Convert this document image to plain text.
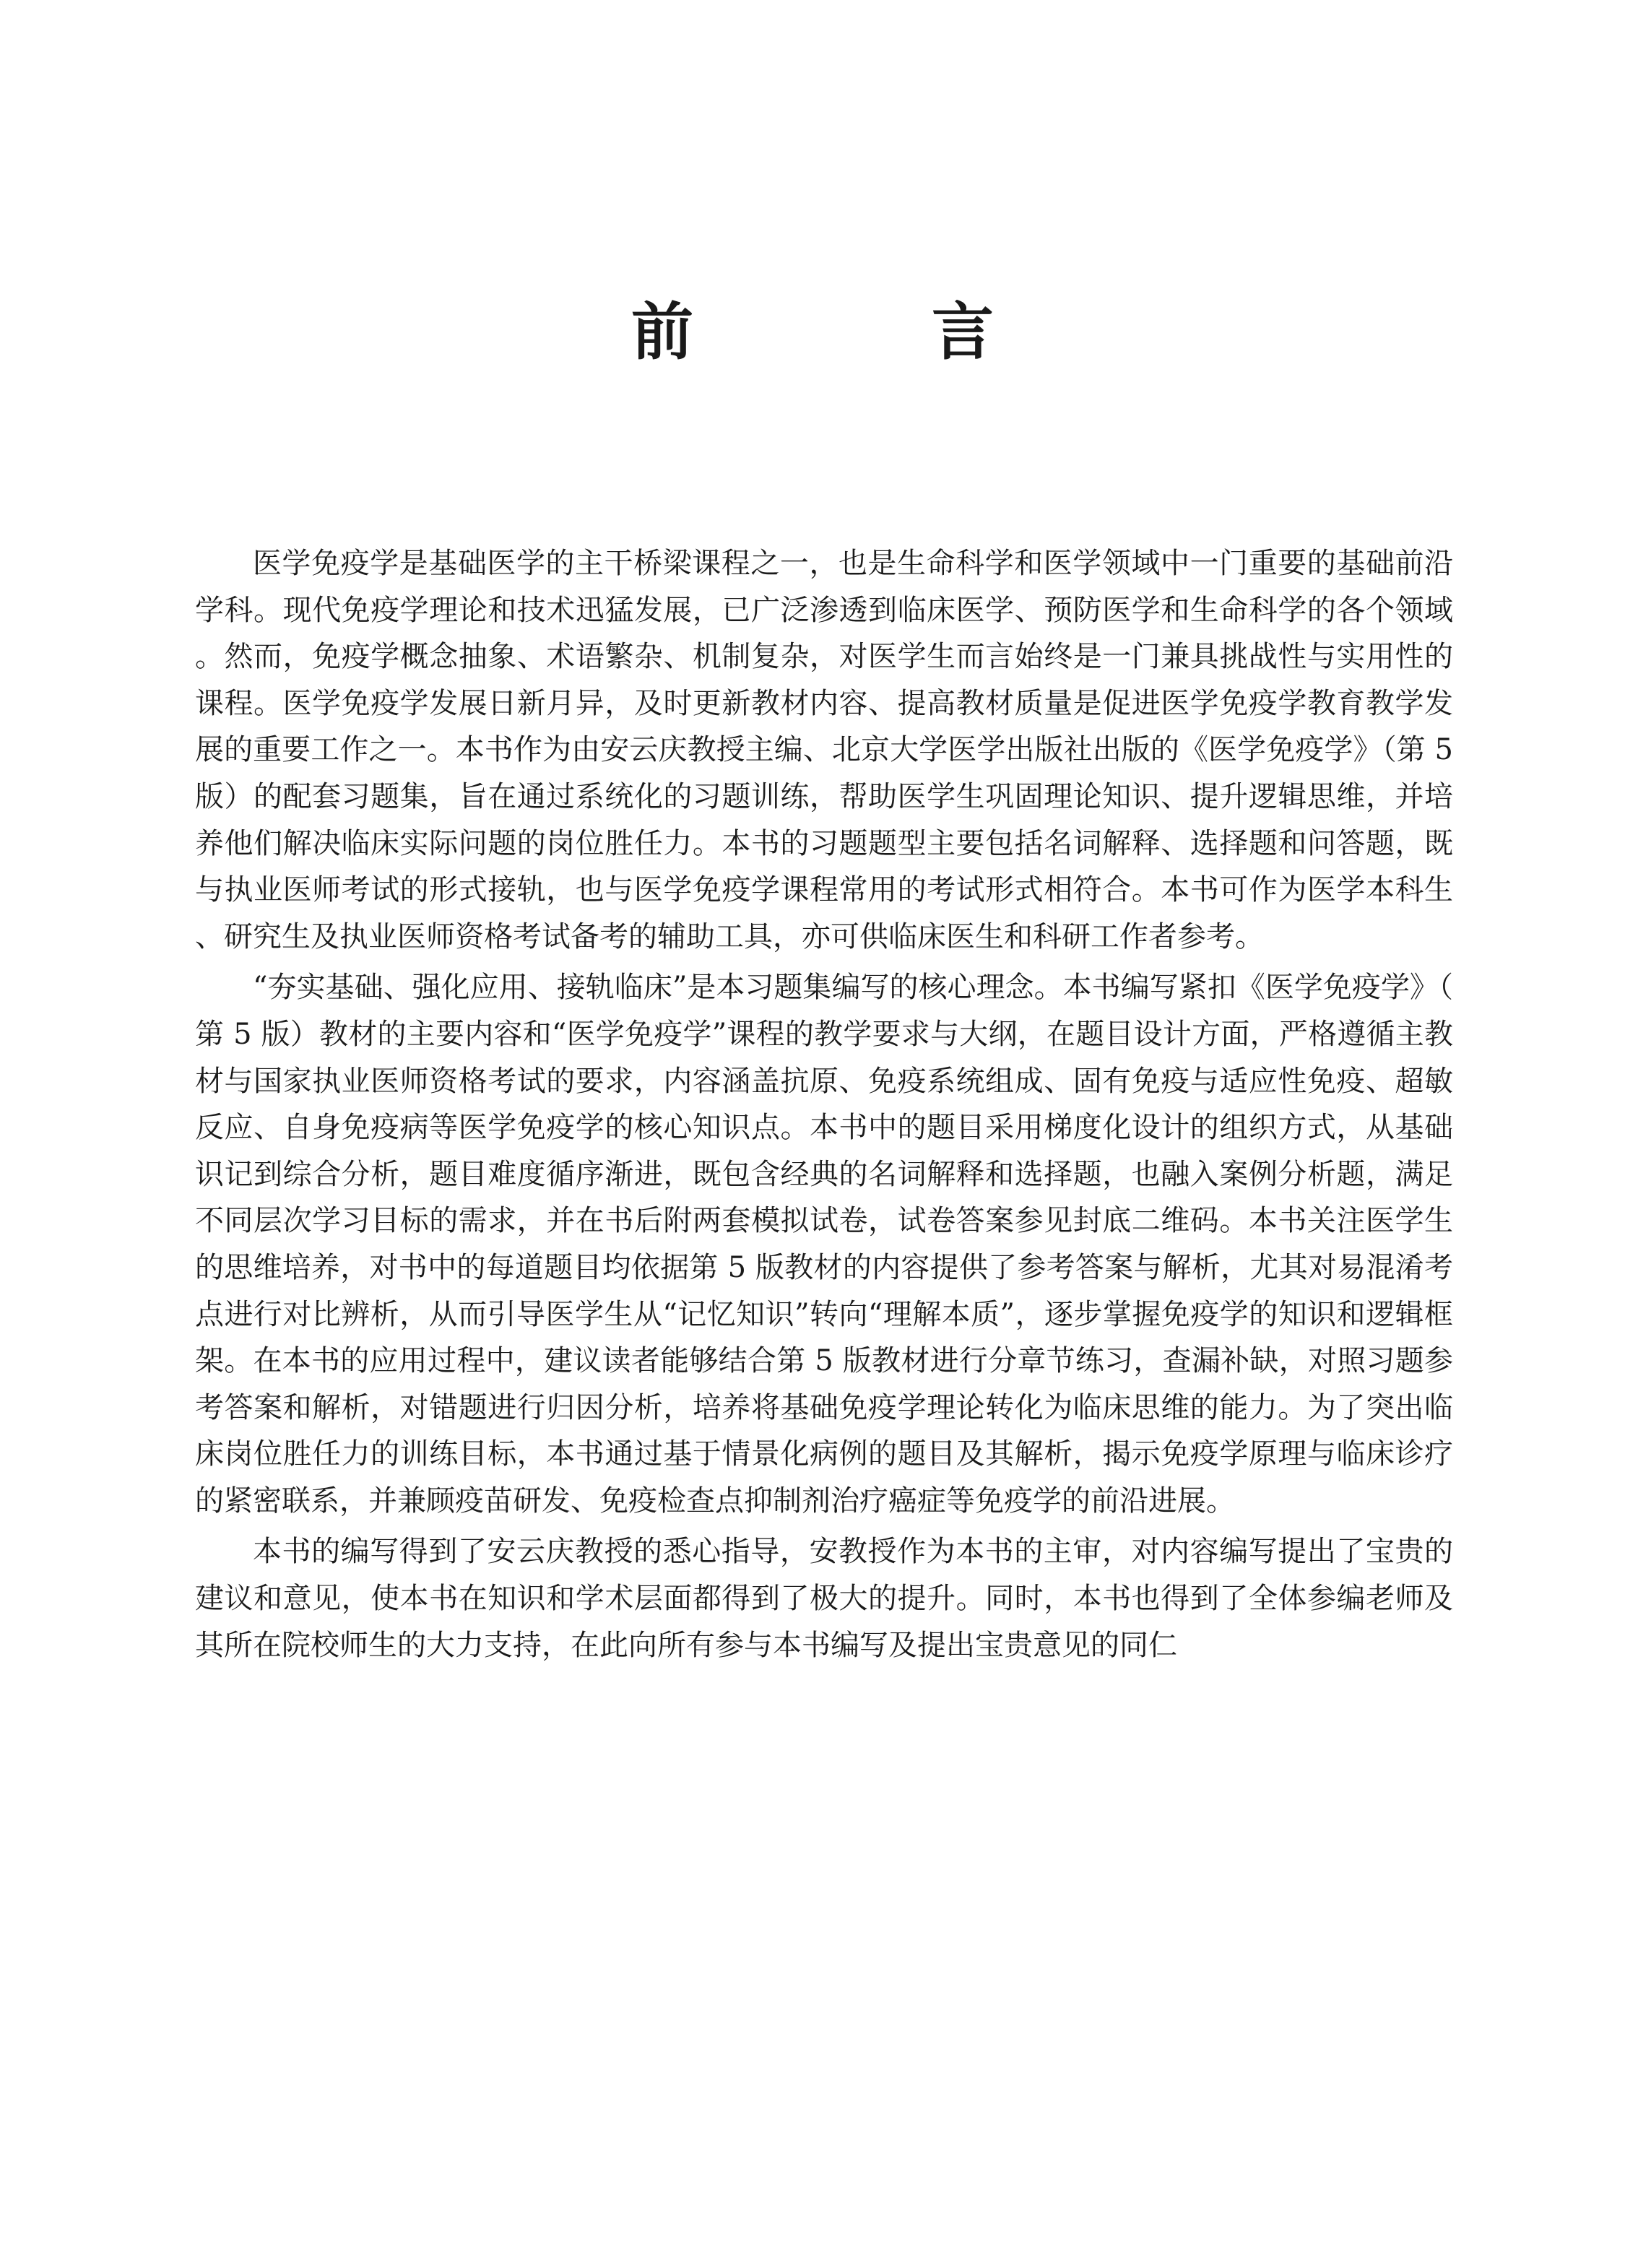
前 言

医学免疫学是基础医学的主干桥梁课程之一，也是生命科学和医学领域中一门重要的基础前沿学科。现代免疫学理论和技术迅猛发展，已广泛渗透到临床医学、预防医学和生命科学的各个领域。然而，免疫学概念抽象、术语繁杂、机制复杂，对医学生而言始终是一门兼具挑战性与实用性的课程。医学免疫学发展日新月异，及时更新教材内容、提高教材质量是促进医学免疫学教育教学发展的重要工作之一。本书作为由安云庆教授主编、北京大学医学出版社出版的《医学免疫学》（第 5 版）的配套习题集，旨在通过系统化的习题训练，帮助医学生巩固理论知识、提升逻辑思维，并培养他们解决临床实际问题的岗位胜任力。本书的习题题型主要包括名词解释、选择题和问答题，既与执业医师考试的形式接轨，也与医学免疫学课程常用的考试形式相符合。本书可作为医学本科生、研究生及执业医师资格考试备考的辅助工具，亦可供临床医生和科研工作者参考。

“夯实基础、强化应用、接轨临床”是本习题集编写的核心理念。本书编写紧扣《医学免疫学》（第 5 版）教材的主要内容和“医学免疫学”课程的教学要求与大纲，在题目设计方面，严格遵循主教材与国家执业医师资格考试的要求，内容涵盖抗原、免疫系统组成、固有免疫与适应性免疫、超敏反应、自身免疫病等医学免疫学的核心知识点。本书中的题目采用梯度化设计的组织方式，从基础识记到综合分析，题目难度循序渐进，既包含经典的名词解释和选择题，也融入案例分析题，满足不同层次学习目标的需求，并在书后附两套模拟试卷，试卷答案参见封底二维码。本书关注医学生的思维培养，对书中的每道题目均依据第 5 版教材的内容提供了参考答案与解析，尤其对易混淆考点进行对比辨析，从而引导医学生从“记忆知识”转向“理解本质”，逐步掌握免疫学的知识和逻辑框架。在本书的应用过程中，建议读者能够结合第 5 版教材进行分章节练习，查漏补缺，对照习题参考答案和解析，对错题进行归因分析，培养将基础免疫学理论转化为临床思维的能力。为了突出临床岗位胜任力的训练目标，本书通过基于情景化病例的题目及其解析，揭示免疫学原理与临床诊疗的紧密联系，并兼顾疫苗研发、免疫检查点抑制剂治疗癌症等免疫学的前沿进展。

本书的编写得到了安云庆教授的悉心指导，安教授作为本书的主审，对内容编写提出了宝贵的建议和意见，使本书在知识和学术层面都得到了极大的提升。同时，本书也得到了全体参编老师及其所在院校师生的大力支持，在此向所有参与本书编写及提出宝贵意见的同仁
